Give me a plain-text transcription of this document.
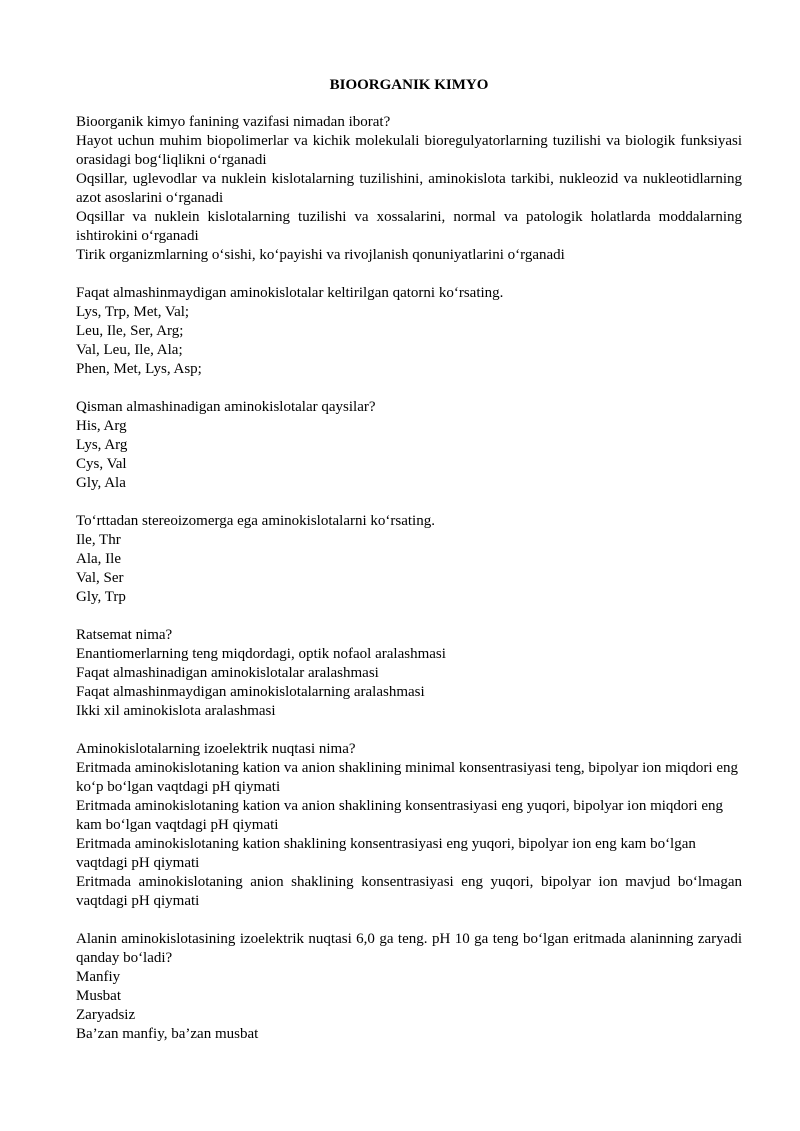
BIOORGANIK KIMYO
Bioorganik kimyo fanining vazifasi nimadan iborat?
Hayot uchun muhim biopolimerlar va kichik molekulali bioregulyatorlarning tuzilishi va biologik funksiyasi orasidagi bog‘liqlikni o‘rganadi
Oqsillar, uglevodlar va nuklein kislotalarning tuzilishini, aminokislota tarkibi, nukleozid va nukleotidlarning azot asoslarini o‘rganadi
Oqsillar va nuklein kislotalarning tuzilishi va xossalarini, normal va patologik holatlarda moddalarning ishtirokini o‘rganadi
Tirik organizmlarning o‘sishi, ko‘payishi va rivojlanish qonuniyatlarini o‘rganadi
Faqat almashinmaydigan aminokislotalar keltirilgan qatorni ko‘rsating.
Lys, Trp, Met, Val;
Leu, Ile, Ser, Arg;
Val, Leu, Ile, Ala;
Phen, Met, Lys, Asp;
Qisman almashinadigan aminokislotalar qaysilar?
His, Arg
Lys, Arg
Cys, Val
Gly, Ala
To‘rttadan stereoizomerga ega aminokislotalarni ko‘rsating.
Ile, Thr
Ala, Ile
Val, Ser
Gly, Trp
Ratsemat nima?
Enantiomerlarning teng miqdordagi, optik nofaol aralashmasi
Faqat almashinadigan aminokislotalar aralashmasi
Faqat almashinmaydigan aminokislotalarning aralashmasi
Ikki xil aminokislota aralashmasi
Aminokislotalarning izoelektrik nuqtasi nima?
Eritmada aminokislotaning kation va anion shaklining minimal konsentrasiyasi teng, bipolyar ion miqdori eng ko‘p bo‘lgan vaqtdagi pH qiymati
Eritmada aminokislotaning kation va anion shaklining konsentrasiyasi eng yuqori, bipolyar ion miqdori eng kam bo‘lgan vaqtdagi pH qiymati
Eritmada aminokislotaning kation shaklining konsentrasiyasi eng yuqori, bipolyar ion eng kam bo‘lgan vaqtdagi pH qiymati
Eritmada aminokislotaning anion shaklining konsentrasiyasi eng yuqori, bipolyar ion mavjud bo‘lmagan vaqtdagi pH qiymati
Alanin aminokislotasining izoelektrik nuqtasi 6,0 ga teng. pH 10 ga teng bo‘lgan eritmada alaninning zaryadi qanday bo‘ladi?
Manfiy
Musbat
Zaryadsiz
Ba’zan manfiy, ba’zan musbat
